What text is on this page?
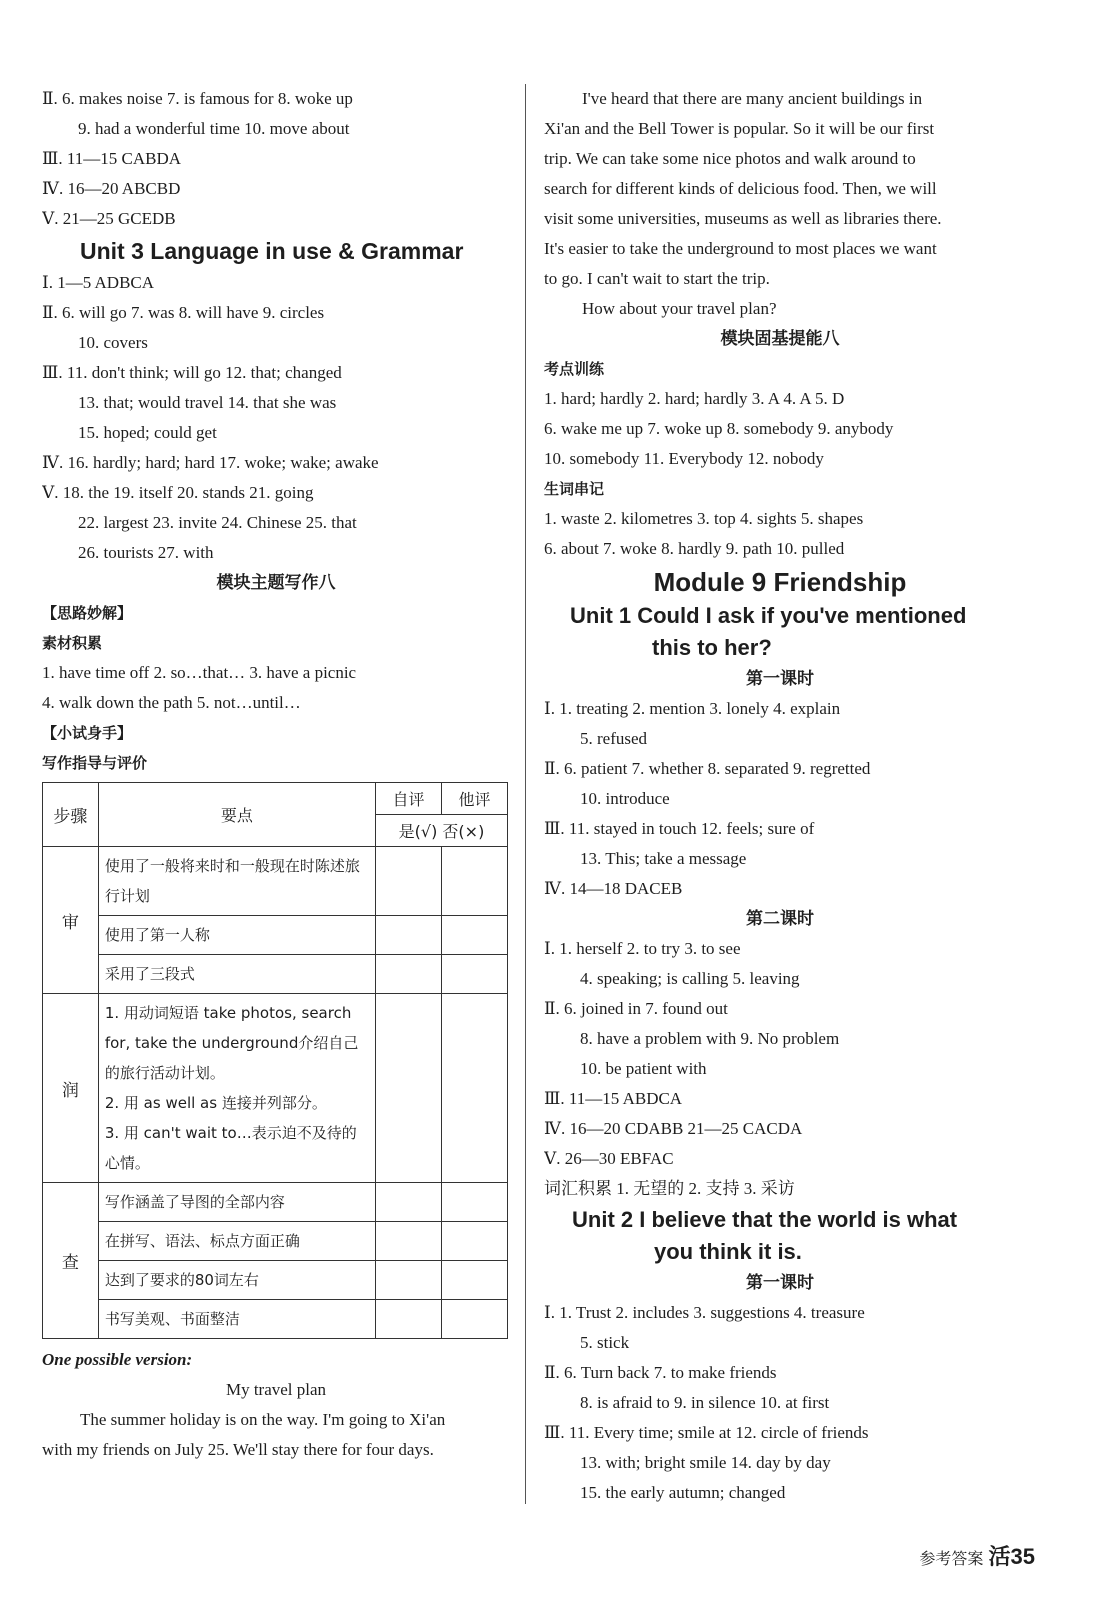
Ⅱ. 6. makes noise 7. is famous for 8. woke up
9. had a wonderful time 10. move about
Ⅲ. 11—15 CABDA
Ⅳ. 16—20 ABCBD
Ⅴ. 21—25 GCEDB
Unit 3 Language in use & Grammar
Ⅰ. 1—5 ADBCA
Ⅱ. 6. will go 7. was 8. will have 9. circles
10. covers
Ⅲ. 11. don't think; will go 12. that; changed
13. that; would travel 14. that she was
15. hoped; could get
Ⅳ. 16. hardly; hard; hard 17. woke; wake; awake
Ⅴ. 18. the 19. itself 20. stands 21. going
22. largest 23. invite 24. Chinese 25. that
26. tourists 27. with
模块主题写作八
【思路妙解】
素材积累
1. have time off 2. so…that… 3. have a picnic
4. walk down the path 5. not…until…
【小试身手】
写作指导与评价
步骤	要点	自评	他评
		是(√) 否(×)	
审	使用了一般将来时和一般现在时陈述旅行计划		
	使用了第一人称		
	采用了三段式		
润	1. 用动词短语 take photos, search for, take the underground介绍自己的旅行活动计划。
2. 用 as well as 连接并列部分。
3. 用 can't wait to…表示迫不及待的心情。		

查	写作涵盖了导图的全部内容		
	在拼写、语法、标点方面正确		
	达到了要求的80词左右		
	书写美观、书面整洁		
One possible version:
My travel plan
The summer holiday is on the way. I'm going to Xi'an
with my friends on July 25. We'll stay there for four days.
I've heard that there are many ancient buildings in
Xi'an and the Bell Tower is popular. So it will be our first
trip. We can take some nice photos and walk around to
search for different kinds of delicious food. Then, we will
visit some universities, museums as well as libraries there.
It's easier to take the underground to most places we want
to go. I can't wait to start the trip.
How about your travel plan?
模块固基提能八
考点训练
1. hard; hardly 2. hard; hardly 3. A 4. A 5. D
6. wake me up 7. woke up 8. somebody 9. anybody
10. somebody 11. Everybody 12. nobody
生词串记
1. waste 2. kilometres 3. top 4. sights 5. shapes
6. about 7. woke 8. hardly 9. path 10. pulled
Module 9 Friendship
Unit 1 Could I ask if you've mentioned
this to her?
第一课时
Ⅰ. 1. treating 2. mention 3. lonely 4. explain
5. refused
Ⅱ. 6. patient 7. whether 8. separated 9. regretted
10. introduce
Ⅲ. 11. stayed in touch 12. feels; sure of
13. This; take a message
Ⅳ. 14—18 DACEB
第二课时
Ⅰ. 1. herself 2. to try 3. to see
4. speaking; is calling 5. leaving
Ⅱ. 6. joined in 7. found out
8. have a problem with 9. No problem
10. be patient with
Ⅲ. 11—15 ABDCA
Ⅳ. 16—20 CDABB 21—25 CACDA
Ⅴ. 26—30 EBFAC
词汇积累 1. 无望的 2. 支持 3. 采访
Unit 2 I believe that the world is what
you think it is.
第一课时
Ⅰ. 1. Trust 2. includes 3. suggestions 4. treasure
5. stick
Ⅱ. 6. Turn back 7. to make friends
8. is afraid to 9. in silence 10. at first
Ⅲ. 11. Every time; smile at 12. circle of friends
13. with; bright smile 14. day by day
15. the early autumn; changed
参考答案 活35
